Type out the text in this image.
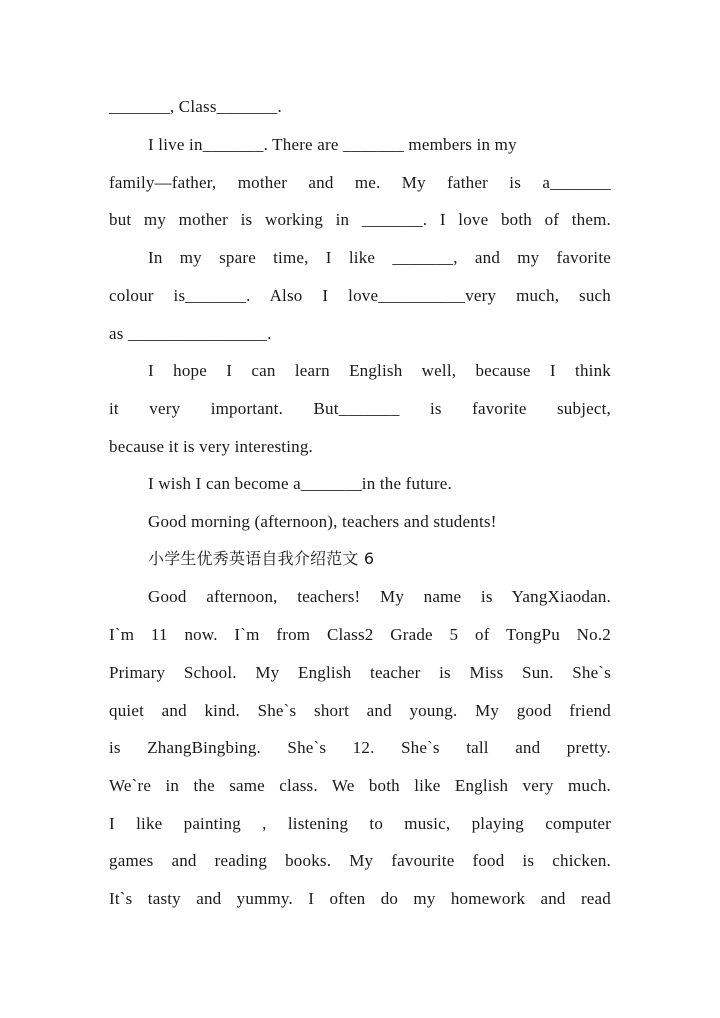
_______, Class_______.
I live in_______. There are _______ members in my
family—father, mother and me. My father is a_______
but my mother is working in _______. I love both of them.
In my spare time, I like _______, and my favorite
colour is_______. Also I love__________very much, such
as ________________.
I hope I can learn English well, because I think
it very important. But_______ is favorite subject,
because it is very interesting.
I wish I can become a_______in the future.
Good morning (afternoon), teachers and students!
小学生优秀英语自我介绍范文 6
Good afternoon, teachers! My name is YangXiaodan.
I`m 11 now. I`m from Class2 Grade 5 of TongPu No.2
Primary School. My English teacher is Miss Sun. She`s
quiet and kind. She`s short and young. My good friend
is ZhangBingbing. She`s 12. She`s tall and pretty.
We`re in the same class. We both like English very much.
I like painting , listening to music, playing computer
games and reading books. My favourite food is chicken.
It`s tasty and yummy. I often do my homework and read
